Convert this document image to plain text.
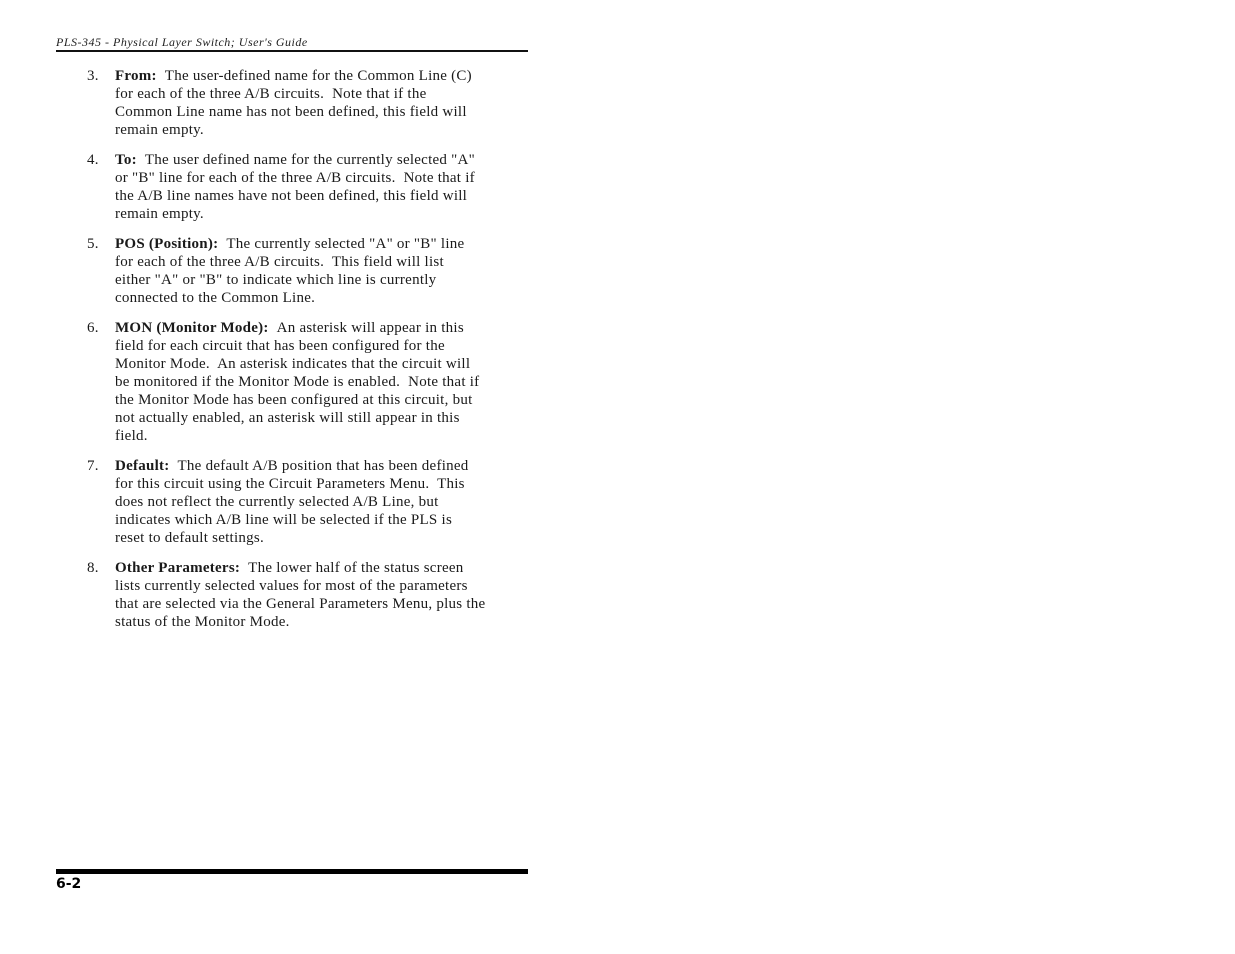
PLS-345 - Physical Layer Switch; User's Guide
3. From: The user-defined name for the Common Line (C)
for each of the three A/B circuits.  Note that if the
Common Line name has not been defined, this field will
remain empty.
4. To: The user defined name for the currently selected "A"
or "B" line for each of the three A/B circuits.  Note that if
the A/B line names have not been defined, this field will
remain empty.
5. POS (Position): The currently selected "A" or "B" line
for each of the three A/B circuits.  This field will list
either "A" or "B" to indicate which line is currently
connected to the Common Line.
6. MON (Monitor Mode): An asterisk will appear in this
field for each circuit that has been configured for the
Monitor Mode.  An asterisk indicates that the circuit will
be monitored if the Monitor Mode is enabled.  Note that if
the Monitor Mode has been configured at this circuit, but
not actually enabled, an asterisk will still appear in this
field.
7. Default: The default A/B position that has been defined
for this circuit using the Circuit Parameters Menu.  This
does not reflect the currently selected A/B Line, but
indicates which A/B line will be selected if the PLS is
reset to default settings.
8. Other Parameters: The lower half of the status screen
lists currently selected values for most of the parameters
that are selected via the General Parameters Menu, plus the
status of the Monitor Mode.
6-2
